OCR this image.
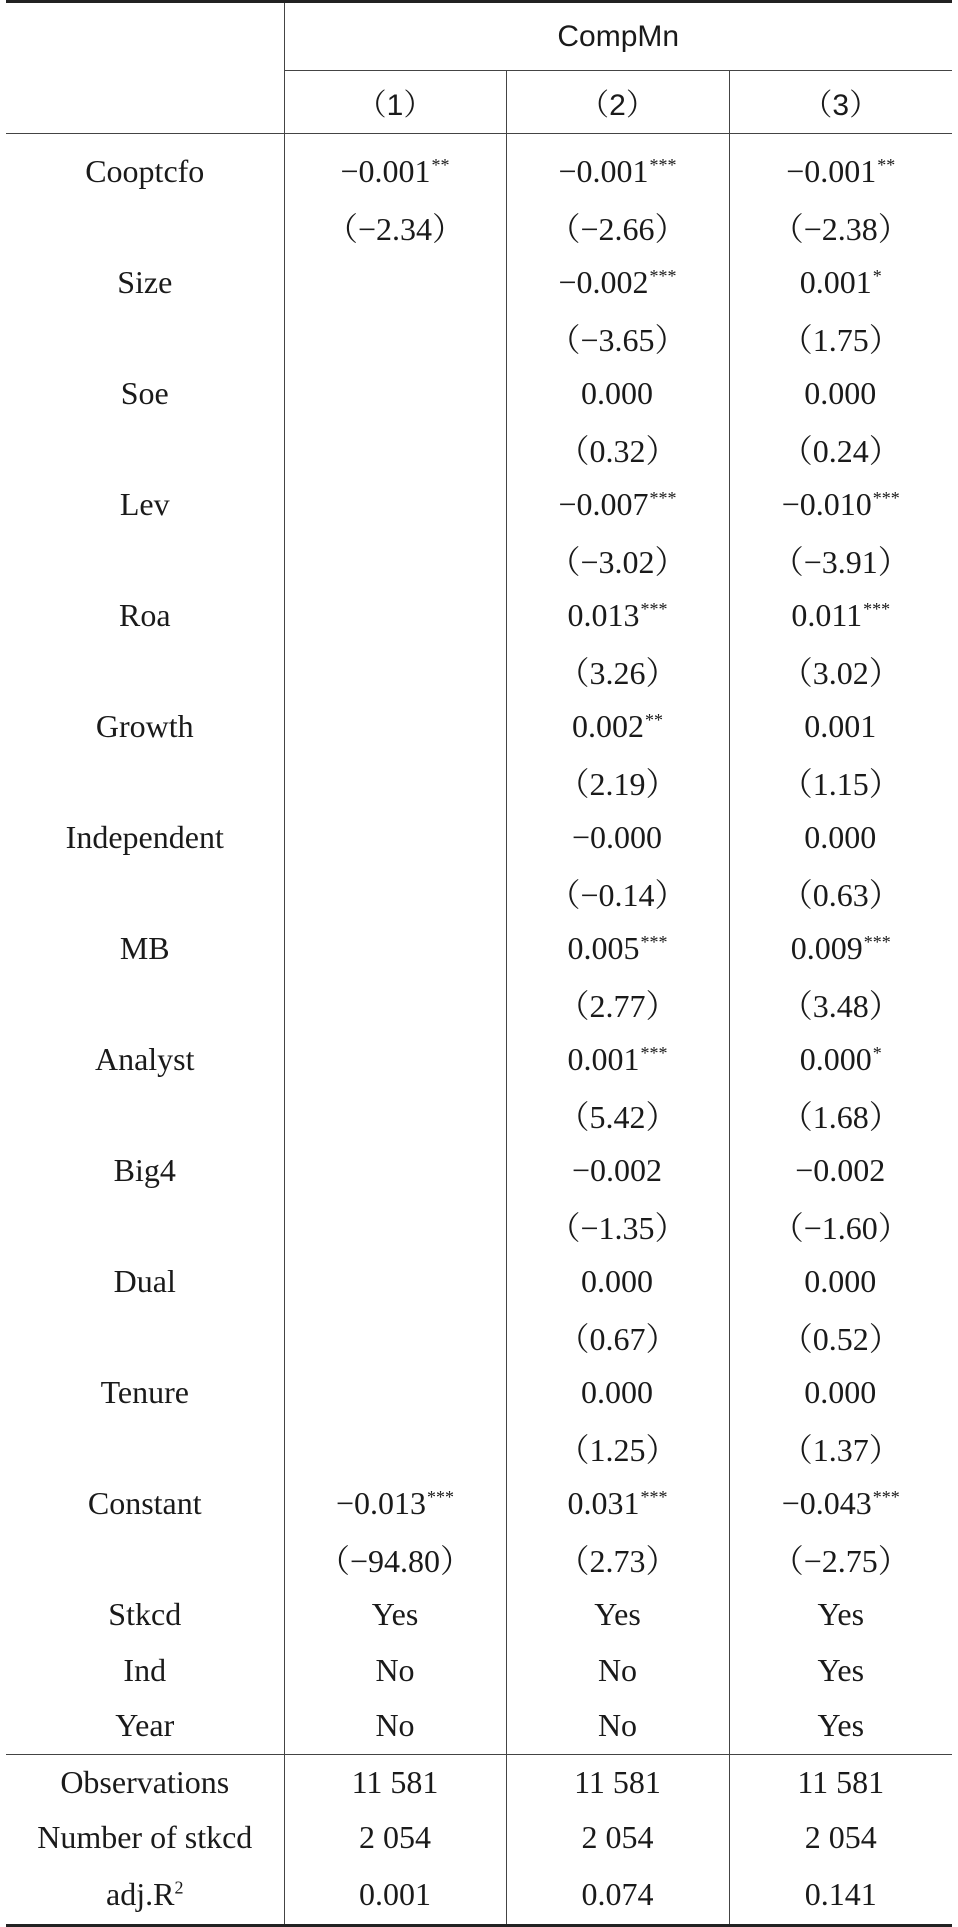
	CompMn		
	（1）	（2）	（3）
Cooptcfo	−0.001**	−0.001***	−0.001**
	（−2.34）	（−2.66）	（−2.38）
Size		−0.002***	0.001*
		（−3.65）	（1.75）
Soe		0.000	0.000
		（0.32）	（0.24）
Lev		−0.007***	−0.010***
		（−3.02）	（−3.91）
Roa		0.013***	0.011***
		（3.26）	（3.02）
Growth		0.002**	0.001
		（2.19）	（1.15）
Independent		−0.000	0.000
		（−0.14）	（0.63）
MB		0.005***	0.009***
		（2.77）	（3.48）
Analyst		0.001***	0.000*
		（5.42）	（1.68）
Big4		−0.002	−0.002
		（−1.35）	（−1.60）
Dual		0.000	0.000
		（0.67）	（0.52）
Tenure		0.000	0.000
		（1.25）	（1.37）
Constant	−0.013***	0.031***	−0.043***
	（−94.80）	（2.73）	（−2.75）
Stkcd	Yes	Yes	Yes
Ind	No	No	Yes
Year	No	No	Yes
Observations	11 581	11 581	11 581
Number of stkcd	2 054	2 054	2 054
$adj.R^2$	0.001	0.074	0.141
